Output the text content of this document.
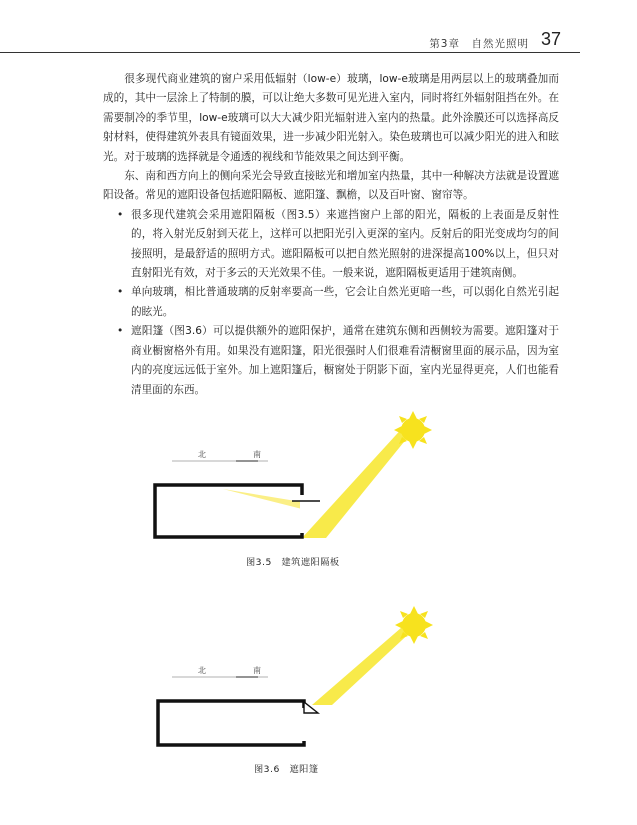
第3章　自然光照明 37

很多现代商业建筑的窗户采用低辐射（low-e）玻璃，low-e玻璃是用两层以上的玻璃叠加而成的，其中一层涂上了特制的膜，可以让绝大多数可见光进入室内，同时将红外辐射阻挡在外。在需要制冷的季节里，low-e玻璃可以大大减少阳光辐射进入室内的热量。此外涂膜还可以选择高反射材料，使得建筑外表具有镜面效果，进一步减少阳光射入。染色玻璃也可以减少阳光的进入和眩光。对于玻璃的选择就是令通透的视线和节能效果之间达到平衡。

东、南和西方向上的侧向采光会导致直接眩光和增加室内热量，其中一种解决方法就是设置遮阳设备。常见的遮阳设备包括遮阳隔板、遮阳篷、飘檐，以及百叶窗、窗帘等。

• 很多现代建筑会采用遮阳隔板（图3.5）来遮挡窗户上部的阳光，隔板的上表面是反射性的，将入射光反射到天花上，这样可以把阳光引入更深的室内。反射后的阳光变成均匀的间接照明，是最舒适的照明方式。遮阳隔板可以把自然光照射的进深提高100%以上，但只对直射阳光有效，对于多云的天光效果不佳。一般来说，遮阳隔板更适用于建筑南侧。
• 单向玻璃，相比普通玻璃的反射率要高一些，它会让自然光更暗一些，可以弱化自然光引起的眩光。
• 遮阳篷（图3.6）可以提供额外的遮阳保护，通常在建筑东侧和西侧较为需要。遮阳篷对于商业橱窗格外有用。如果没有遮阳篷，阳光很强时人们很难看清橱窗里面的展示品，因为室内的亮度远远低于室外。加上遮阳篷后，橱窗处于阴影下面，室内光显得更亮，人们也能看清里面的东西。
北	南
图3.5　 建筑遮阳隔板
北	南
图3.6　 遮阳篷
